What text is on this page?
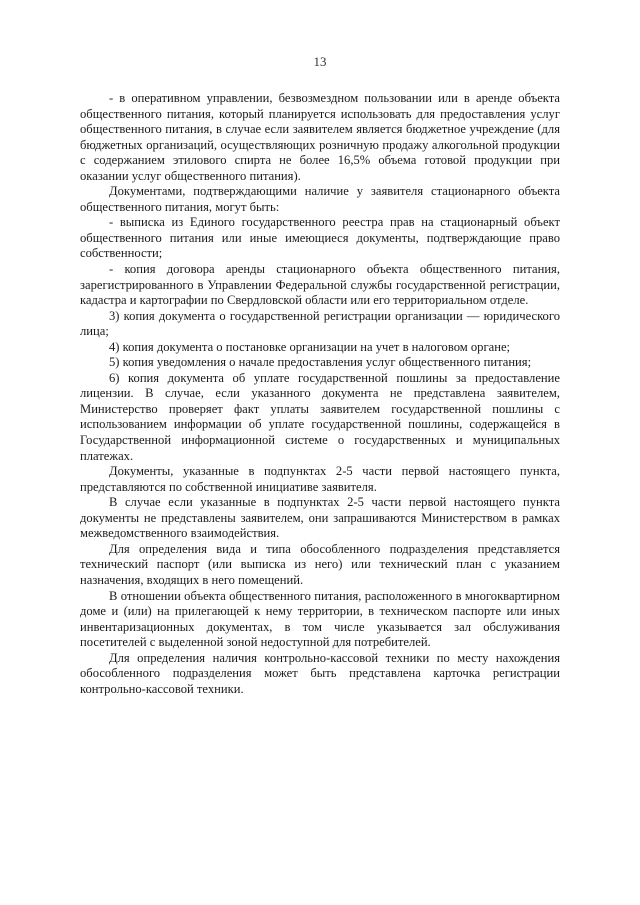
13

- в оперативном управлении, безвозмездном пользовании или в аренде объекта общественного питания, который планируется использовать для предоставления услуг общественного питания, в случае если заявителем является бюджетное учреждение (для бюджетных организаций, осуществляющих розничную продажу алкогольной продукции с содержанием этилового спирта не более 16,5% объема готовой продукции при оказании услуг общественного питания).

Документами, подтверждающими наличие у заявителя стационарного объекта общественного питания, могут быть:

- выписка из Единого государственного реестра прав на стационарный объект общественного питания или иные имеющиеся документы, подтверждающие право собственности;

- копия договора аренды стационарного объекта общественного питания, зарегистрированного в Управлении Федеральной службы государственной регистрации, кадастра и картографии по Свердловской области или его территориальном отделе.

3) копия документа о государственной регистрации организации — юридического лица;

4) копия документа о постановке организации на учет в налоговом органе;

5) копия уведомления о начале предоставления услуг общественного питания;

6) копия документа об уплате государственной пошлины за предоставление лицензии. В случае, если указанного документа не представлена заявителем, Министерство проверяет факт уплаты заявителем государственной пошлины с использованием информации об уплате государственной пошлины, содержащейся в Государственной информационной системе о государственных и муниципальных платежах.

Документы, указанные в подпунктах 2-5 части первой настоящего пункта, представляются по собственной инициативе заявителя.

В случае если указанные в подпунктах 2-5 части первой настоящего пункта документы не представлены заявителем, они запрашиваются Министерством в рамках межведомственного взаимодействия.

Для определения вида и типа обособленного подразделения представляется технический паспорт (или выписка из него) или технический план с указанием назначения, входящих в него помещений.

В отношении объекта общественного питания, расположенного в многоквартирном доме и (или) на прилегающей к нему территории, в техническом паспорте или иных инвентаризационных документах, в том числе указывается зал обслуживания посетителей с выделенной зоной недоступной для потребителей.

Для определения наличия контрольно-кассовой техники по месту нахождения обособленного подразделения может быть представлена карточка регистрации контрольно-кассовой техники.
